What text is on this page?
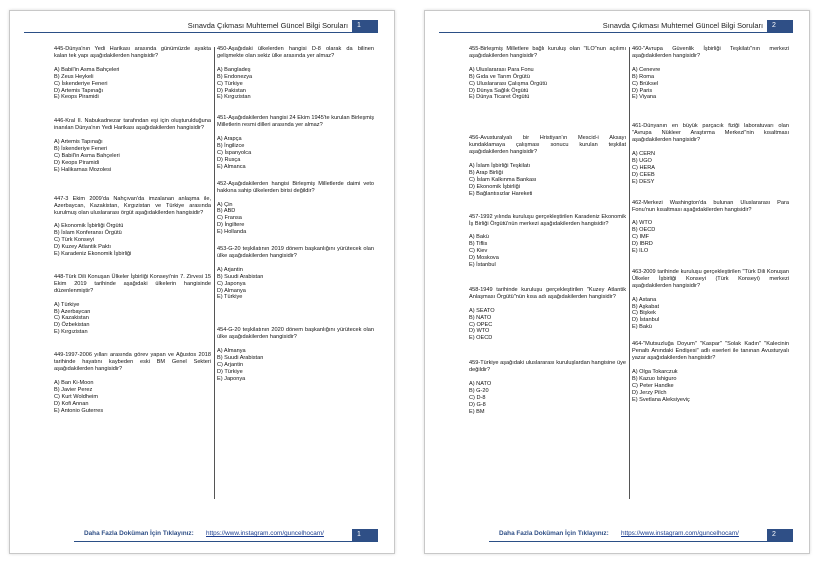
Sınavda Çıkması Muhtemel Güncel Bilgi Soruları	1
445-Dünya'nın Yedi Harikası arasında günümüzde ayakta kalan tek yapı aşağıdakilerden hangisidir?
A) Babil'in Asma Bahçeleri
B) Zeus Heykeli
C) İskenderiye Feneri
D) Artemis Tapınağı
E) Keops Piramidi
446-Kral II. Nabukadnezar tarafından eşi için oluşturulduğuna inanılan Dünya'nın Yedi Harikası aşağıdakilerden hangisidir?
A) Artemis Tapınağı
B) İskenderiye Feneri
C) Babil'in Asma Bahçeleri
D) Keops Piramidi
E) Halikarnas Mozolesi
447-3 Ekim 2009'da Nahçıvan'da imzalanan anlaşma ile, Azerbaycan, Kazakistan, Kırgızistan ve Türkiye arasında kurulmuş olan uluslararası örgüt aşağıdakilerden hangisidir?
A) Ekonomik İşbirliği Örgütü
B) İslam Konferansı Örgütü
C) Türk Konseyi
D) Kuzey Atlantik Paktı
E) Karadeniz Ekonomik İşbirliği
448-Türk Dili Konuşan Ülkeler İşbirliği Konseyi'nin 7. Zirvesi 15 Ekim 2019 tarihinde aşağıdaki ülkelerin hangisinde düzenlenmiştir?
A) Türkiye
B) Azerbaycan
C) Kazakistan
D) Özbekistan
E) Kırgızistan
449-1997-2006 yılları arasında görev yapan ve Ağustos 2018 tarihinde hayatını kaybeden eski BM Genel Sekteri aşağıdakilerden hangisidir?
A) Ban Ki-Moon
B) Javier Perez
C) Kurt Woldheim
D) Kofi Annan
E) Antonio Guterres
450-Aşağıdaki ülkelerden hangisi D-8 olarak da bilinen gelişmekte olan sekiz ülke arasında yer almaz?
A) Bangladeş
B) Endonezya
C) Türkiye
D) Pakistan
E) Kırgızistan
451-Aşağıdakilerden hangisi 24 Ekim 1945'te kurulan Birleşmiş Milletlerin resmi dilleri arasında yer almaz?
A) Arapça
B) İngilizce
C) İspanyolca
D) Rusça
E) Almanca
452-Aşağıdakilerden hangisi Birleşmiş Milletlerde daimi veto hakkına sahip ülkelerden birisi değildir?
A) Çin
B) ABD
C) Fransa
D) İngiltere
E) Hollanda
453-G-20 teşkilatının 2019 dönem başkanlığını yürütecek olan ülke aşağıdakilerden hangisidir?
A) Arjantin
B) Suudi Arabistan
C) Japonya
D) Almanya
E) Türkiye
454-G-20 teşkilatının 2020 dönem başkanlığını yürütecek olan ülke aşağıdakilerden hangisidir?
A) Almanya
B) Suudi Arabistan
C) Arjantin
D) Türkiye
E) Japonya
Daha Fazla Doküman İçin Tıklayınız: https://www.instagram.com/guncelhocam/	1
Sınavda Çıkması Muhtemel Güncel Bilgi Soruları	2
455-Birleşmiş Milletlere bağlı kuruluş olan "ILO"nun açılımı aşağıdakilerden hangisidir?
A) Uluslararası Para Fonu
B) Gıda ve Tarım Örgütü
C) Uluslararası Çalışma Örgütü
D) Dünya Sağlık Örgütü
E) Dünya Ticaret Örgütü
456-Avusturalyalı bir Hristiyan'ın Mescid-i Aksayı kundaklamaya çalışması sonucu kurulan teşkilat aşağıdakilerden hangisidir?
A) İslam İşbirliği Teşkilatı
B) Arap Birliği
C) İslam Kalkınma Bankası
D) Ekonomik İşbirliği
E) Bağlantısızlar Hareketi
457-1992 yılında kuruluşu gerçekleştirilen Karadeniz Ekonomik İş Birliği Örgütü'nün merkezi aşağıdakilerden hangisidir?
A) Bakü
B) Tiflis
C) Kiev
D) Moskova
E) İstanbul
458-1949 tarihinde kuruluşu gerçekleştirilen "Kuzey Atlantik Anlaşması Örgütü"nün kısa adı aşağıdakilerden hangisidir?
A) SEATO
B) NATO
C) OPEC
D) WTO
E) OECD
459-Türkiye aşağıdaki uluslararası kuruluşlardan hangisine üye değildir?
A) NATO
B) G-20
C) D-8
D) G-8
E) BM
460-"Avrupa Güvenlik İşbirliği Teşkilatı"nın merkezi aşağıdakilerden hangisidir?
A) Cenevre
B) Roma
C) Brüksel
D) Paris
E) Viyana
461-Dünyanın en büyük parçacık fiziği laboratuvarı olan "Avrupa Nükleer Araştırma Merkezi"nin kısaltması aşağıdakilerden hangisidir?
A) CERN
B) UGO
C) HERA
D) CEEB
E) DESY
462-Merkezi Washington'da bulunan Uluslararası Para Fonu'nun kısaltması aşağıdakilerden hangisidir?
A) WTO
B) OECD
C) IMF
D) IBRD
E) ILO
463-2009 tarihinde kuruluşu gerçekleştirilen "Türk Dili Konuşan Ülkeler İşbirliği Konseyi (Türk Konseyi) merkezi aşağıdakilerden hangisidir?
A) Astana
B) Aşkabat
C) Bişkek
D) İstanbul
E) Bakü
464-"Mutsuzluğa Doyum" "Kaspar" "Solak Kadın" "Kalecinin Penaltı Anındaki Endişesi" adlı eserleri ile tanınan Avusturyalı yazar aşağıdakilerden hangisidir?
A) Olga Tokarczuk
B) Kazuo Ishiguro
C) Peter Handke
D) Jerzy Pilch
E) Svetlana Aleksiyeviç
Daha Fazla Doküman İçin Tıklayınız: https://www.instagram.com/guncelhocam/	2
